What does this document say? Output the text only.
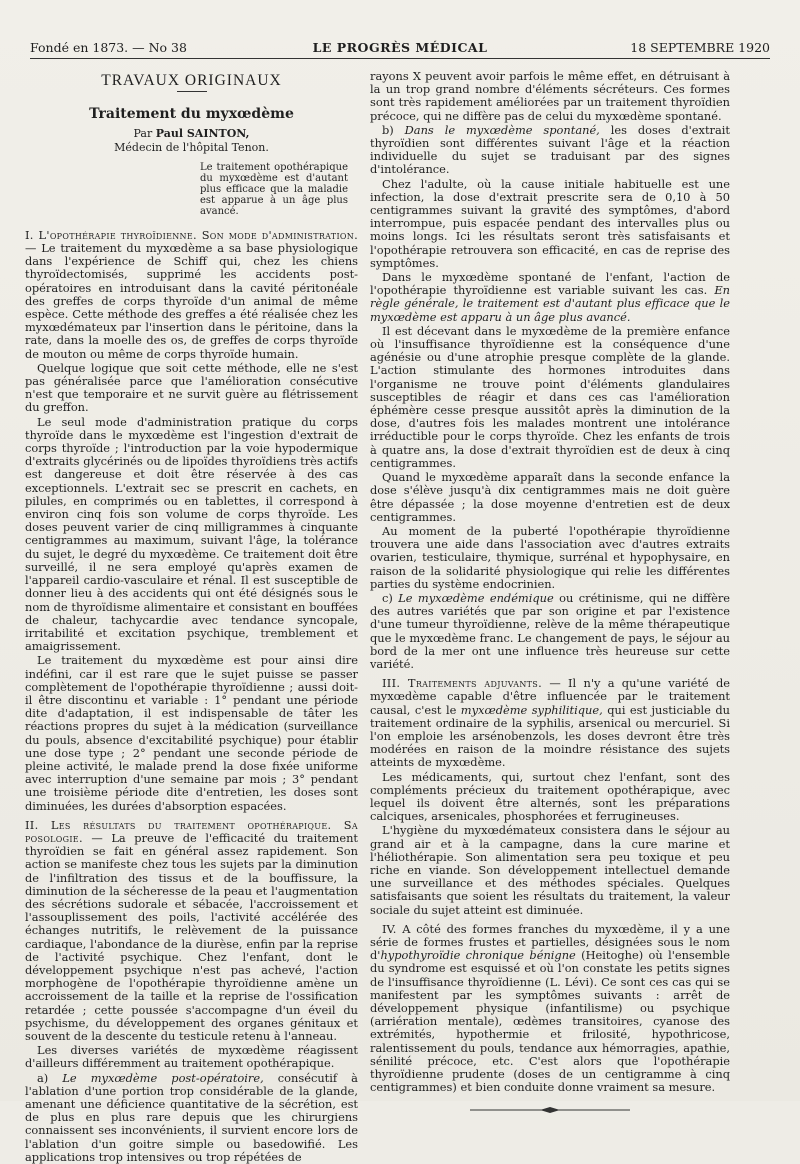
Fondé en 1873. — No 38	LE PROGRÈS MÉDICAL	18 SEPTEMBRE 1920
TRAVAUX ORIGINAUX
Traitement du myxœdème
Par Paul SAINTON,
Médecin de l'hôpital Tenon.
Le traitement opothérapique du myxœdème est d'autant plus efficace que la maladie est apparue à un âge plus avancé.

I. L'opothérapie thyroïdienne. Son mode d'administration. — Le traitement du myxœdème a sa base physiologique dans l'expérience de Schiff qui, chez les chiens thyroïdectomisés, supprimé les accidents post-opératoires en introduisant dans la cavité péritonéale des greffes de corps thyroïde d'un animal de même espèce. Cette méthode des greffes a été réalisée chez les myxœdémateux par l'insertion dans le péritoine, dans la rate, dans la moelle des os, de greffes de corps thyroïde de mouton ou même de corps thyroïde humain.

Quelque logique que soit cette méthode, elle ne s'est pas généralisée parce que l'amélioration consécutive n'est que temporaire et ne survit guère au flétrissement du greffon.

Le seul mode d'administration pratique du corps thyroïde dans le myxœdème est l'ingestion d'extrait de corps thyroïde ; l'introduction par la voie hypodermique d'extraits glycérinés ou de lipoïdes thyroïdiens très actifs est dangereuse et doit être réservée à des cas exceptionnels. L'extrait sec se prescrit en cachets, en pilules, en comprimés ou en tablettes, il correspond à environ cinq fois son volume de corps thyroïde. Les doses peuvent varier de cinq milligrammes à cinquante centigrammes au maximum, suivant l'âge, la tolérance du sujet, le degré du myxœdème. Ce traitement doit être surveillé, il ne sera employé qu'après examen de l'appareil cardio-vasculaire et rénal. Il est susceptible de donner lieu à des accidents qui ont été désignés sous le nom de thyroïdisme alimentaire et consistant en bouffées de chaleur, tachycardie avec tendance syncopale, irritabilité et excitation psychique, tremblement et amaigrissement.

Le traitement du myxœdème est pour ainsi dire indéfini, car il est rare que le sujet puisse se passer complètement de l'opothérapie thyroïdienne ; aussi doit-il être discontinu et variable : 1° pendant une période dite d'adaptation, il est indispensable de tâter les réactions propres du sujet à la médication (surveillance du pouls, absence d'excitabilité psychique) pour établir une dose type ; 2° pendant une seconde période de pleine activité, le malade prend la dose fixée uniforme avec interruption d'une semaine par mois ; 3° pendant une troisième période dite d'entretien, les doses sont diminuées, les durées d'absorption espacées.

II. Les résultats du traitement opothérapique. Sa posologie. — La preuve de l'efficacité du traitement thyroïdien se fait en général assez rapidement. Son action se manifeste chez tous les sujets par la diminution de l'infiltration des tissus et de la bouffissure, la diminution de la sécheresse de la peau et l'augmentation des sécrétions sudorale et sébacée, l'accroissement et l'assouplissement des poils, l'activité accélérée des échanges nutritifs, le relèvement de la puissance cardiaque, l'abondance de la diurèse, enfin par la reprise de l'activité psychique. Chez l'enfant, dont le développement psychique n'est pas achevé, l'action morphogène de l'opothérapie thyroïdienne amène un accroissement de la taille et la reprise de l'ossification retardée ; cette poussée s'accompagne d'un éveil du psychisme, du développement des organes génitaux et souvent de la descente du testicule retenu à l'anneau.

Les diverses variétés de myxœdème réagissent d'ailleurs différemment au traitement opothérapique.

a) Le myxœdème post-opératoire, consécutif à l'ablation d'une portion trop considérable de la glande, amenant une déficience quantitative de la sécrétion, est de plus en plus rare depuis que les chirurgiens connaissent ses inconvénients, il survient encore lors de l'ablation d'un goitre simple ou basedowifié. Les applications trop intensives ou trop répétées de

rayons X peuvent avoir parfois le même effet, en détruisant à la un trop grand nombre d'éléments sécréteurs. Ces formes sont très rapidement améliorées par un traitement thyroïdien précoce, qui ne diffère pas de celui du myxœdème spontané.

b) Dans le myxœdème spontané, les doses d'extrait thyroïdien sont différentes suivant l'âge et la réaction individuelle du sujet se traduisant par des signes d'intolérance.

Chez l'adulte, où la cause initiale habituelle est une infection, la dose d'extrait prescrite sera de 0,10 à 50 centigrammes suivant la gravité des symptômes, d'abord interrompue, puis espacée pendant des intervalles plus ou moins longs. Ici les résultats seront très satisfaisants et l'opothérapie retrouvera son efficacité, en cas de reprise des symptômes.

Dans le myxœdème spontané de l'enfant, l'action de l'opothérapie thyroïdienne est variable suivant les cas. En règle générale, le traitement est d'autant plus efficace que le myxœdème est apparu à un âge plus avancé.

Il est décevant dans le myxœdème de la première enfance où l'insuffisance thyroïdienne est la conséquence d'une agénésie ou d'une atrophie presque complète de la glande. L'action stimulante des hormones introduites dans l'organisme ne trouve point d'éléments glandulaires susceptibles de réagir et dans ces cas l'amélioration éphémère cesse presque aussitôt après la diminution de la dose, d'autres fois les malades montrent une intolérance irréductible pour le corps thyroïde. Chez les enfants de trois à quatre ans, la dose d'extrait thyroïdien est de deux à cinq centigrammes.

Quand le myxœdème apparaît dans la seconde enfance la dose s'élève jusqu'à dix centigrammes mais ne doit guère être dépassée ; la dose moyenne d'entretien est de deux centigrammes.

Au moment de la puberté l'opothérapie thyroïdienne trouvera une aide dans l'association avec d'autres extraits ovarien, testiculaire, thymique, surrénal et hypophysaire, en raison de la solidarité physiologique qui relie les différentes parties du système endocrinien.

c) Le myxœdème endémique ou crétinisme, qui ne diffère des autres variétés que par son origine et par l'existence d'une tumeur thyroïdienne, relève de la même thérapeutique que le myxœdème franc. Le changement de pays, le séjour au bord de la mer ont une influence très heureuse sur cette variété.

III. Traitements adjuvants. — Il n'y a qu'une variété de myxœdème capable d'être influencée par le traitement causal, c'est le myxœdème syphilitique, qui est justiciable du traitement ordinaire de la syphilis, arsenical ou mercuriel. Si l'on emploie les arsénobenzols, les doses devront être très modérées en raison de la moindre résistance des sujets atteints de myxœdème.

Les médicaments, qui, surtout chez l'enfant, sont des compléments précieux du traitement opothérapique, avec lequel ils doivent être alternés, sont les préparations calciques, arsenicales, phosphorées et ferrugineuses.

L'hygiène du myxœdémateux consistera dans le séjour au grand air et à la campagne, dans la cure marine et l'héliothérapie. Son alimentation sera peu toxique et peu riche en viande. Son développement intellectuel demande une surveillance et des méthodes spéciales. Quelques satisfaisants que soient les résultats du traitement, la valeur sociale du sujet atteint est diminuée.

IV. A côté des formes franches du myxœdème, il y a une série de formes frustes et partielles, désignées sous le nom d'hypothyroïdie chronique bénigne (Heitoghe) où l'ensemble du syndrome est esquissé et où l'on constate les petits signes de l'insuffisance thyroïdienne (L. Lévi). Ce sont ces cas qui se manifestent par les symptômes suivants : arrêt de développement physique (infantilisme) ou psychique (arriération mentale), œdèmes transitoires, cyanose des extrémités, hypothermie et frilosité, hypothricose, ralentissement du pouls, tendance aux hémorragies, apathie, sénilité précoce, etc. C'est alors que l'opothérapie thyroïdienne prudente (doses de un centigramme à cinq centigrammes) et bien conduite donne vraiment sa mesure.
